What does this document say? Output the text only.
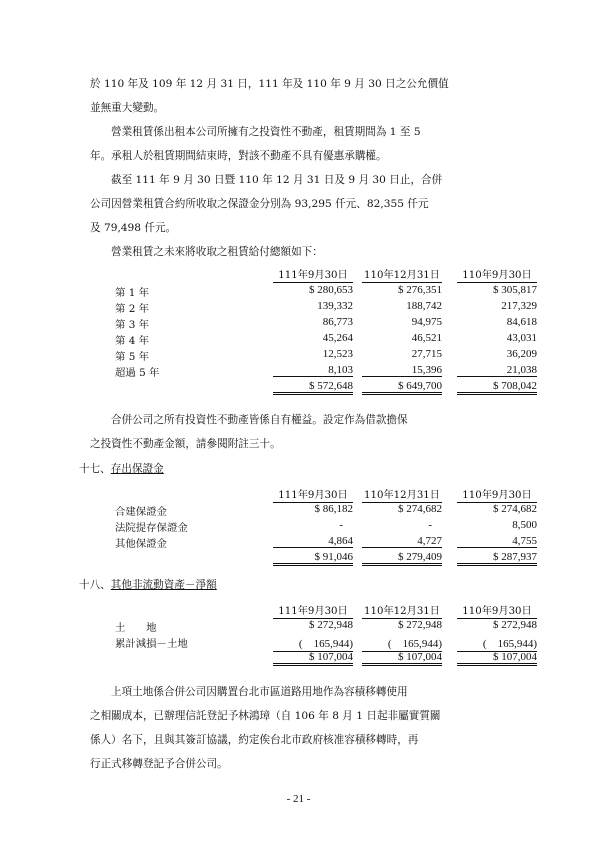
於 110 年及 109 年 12 月 31 日，111 年及 110 年 9 月 30 日之公允價值
並無重大變動。
營業租賃係出租本公司所擁有之投資性不動產，租賃期間為 1 至 5
年。承租人於租賃期間結束時，對該不動產不具有優惠承購權。
截至 111 年 9 月 30 日暨 110 年 12 月 31 日及 9 月 30 日止，合併
公司因營業租賃合約所收取之保證金分別為 93,295 仟元、82,355 仟元
及 79,498 仟元。
營業租賃之未來將收取之租賃給付總額如下：
111年9月30日	110年12月31日	110年9月30日
第 1 年	$ 280,653	$ 276,351	$ 305,817
第 2 年	139,332	188,742	217,329
第 3 年	86,773	94,975	84,618
第 4 年	45,264	46,521	43,031
第 5 年	12,523	27,715	36,209
超過 5 年	8,103	15,396	21,038
$ 572,648	$ 649,700	$ 708,042
合併公司之所有投資性不動產皆係自有權益。設定作為借款擔保
之投資性不動產金額，請參閱附註三十。
十七、存出保證金
111年9月30日	110年12月31日	110年9月30日
合建保證金	$ 86,182	$ 274,682	$ 274,682
法院提存保證金	-	-	8,500
其他保證金	4,864	4,727	4,755
$ 91,046	$ 279,409	$ 287,937
十八、其他非流動資產－淨額
111年9月30日	110年12月31日	110年9月30日
土　　地	$ 272,948	$ 272,948	$ 272,948
累計減損－土地	(　165,944)	(　165,944)	(　165,944)
$ 107,004	$ 107,004	$ 107,004
上項土地係合併公司因購置台北市區道路用地作為容積移轉使用
之相關成本，已辦理信託登記予林鴻璋（自 106 年 8 月 1 日起非屬實質關
係人）名下，且與其簽訂協議，約定俟台北市政府核准容積移轉時，再
行正式移轉登記予合併公司。
- 21 -
